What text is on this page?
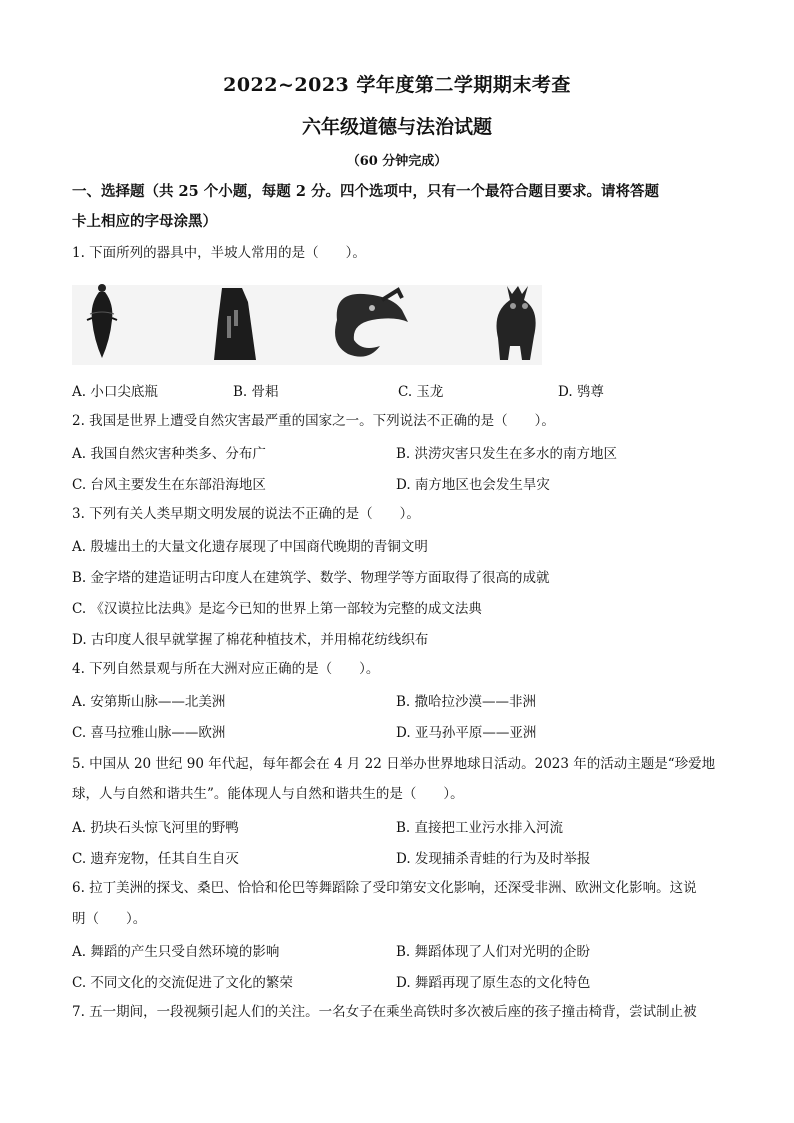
2022~2023 学年度第二学期期末考查
六年级道德与法治试题
（60 分钟完成）
一、选择题（共 25 个小题，每题 2 分。四个选项中，只有一个最符合题目要求。请将答题
卡上相应的字母涂黑）
1. 下面所列的器具中，半坡人常用的是（　　）。
A. 小口尖底瓶	B. 骨耜	C. 玉龙	D. 鸮尊
2. 我国是世界上遭受自然灾害最严重的国家之一。下列说法不正确的是（　　）。
A. 我国自然灾害种类多、分布广	B. 洪涝灾害只发生在多水的南方地区
C. 台风主要发生在东部沿海地区	D. 南方地区也会发生旱灾
3. 下列有关人类早期文明发展的说法不正确的是（　　）。
A. 殷墟出土的大量文化遗存展现了中国商代晚期的青铜文明
B. 金字塔的建造证明古印度人在建筑学、数学、物理学等方面取得了很高的成就
C. 《汉谟拉比法典》是迄今已知的世界上第一部较为完整的成文法典
D. 古印度人很早就掌握了棉花种植技术，并用棉花纺线织布
4. 下列自然景观与所在大洲对应正确的是（　　）。
A. 安第斯山脉——北美洲	B. 撒哈拉沙漠——非洲
C. 喜马拉雅山脉——欧洲	D. 亚马孙平原——亚洲
5. 中国从 20 世纪 90 年代起，每年都会在 4 月 22 日举办世界地球日活动。2023 年的活动主题是“珍爱地
球，人与自然和谐共生”。能体现人与自然和谐共生的是（　　）。
A. 扔块石头惊飞河里的野鸭	B. 直接把工业污水排入河流
C. 遗弃宠物，任其自生自灭	D. 发现捕杀青蛙的行为及时举报
6. 拉丁美洲的探戈、桑巴、恰恰和伦巴等舞蹈除了受印第安文化影响，还深受非洲、欧洲文化影响。这说
明（　　）。
A. 舞蹈的产生只受自然环境的影响	B. 舞蹈体现了人们对光明的企盼
C. 不同文化的交流促进了文化的繁荣	D. 舞蹈再现了原生态的文化特色
7. 五一期间，一段视频引起人们的关注。一名女子在乘坐高铁时多次被后座的孩子撞击椅背，尝试制止被
